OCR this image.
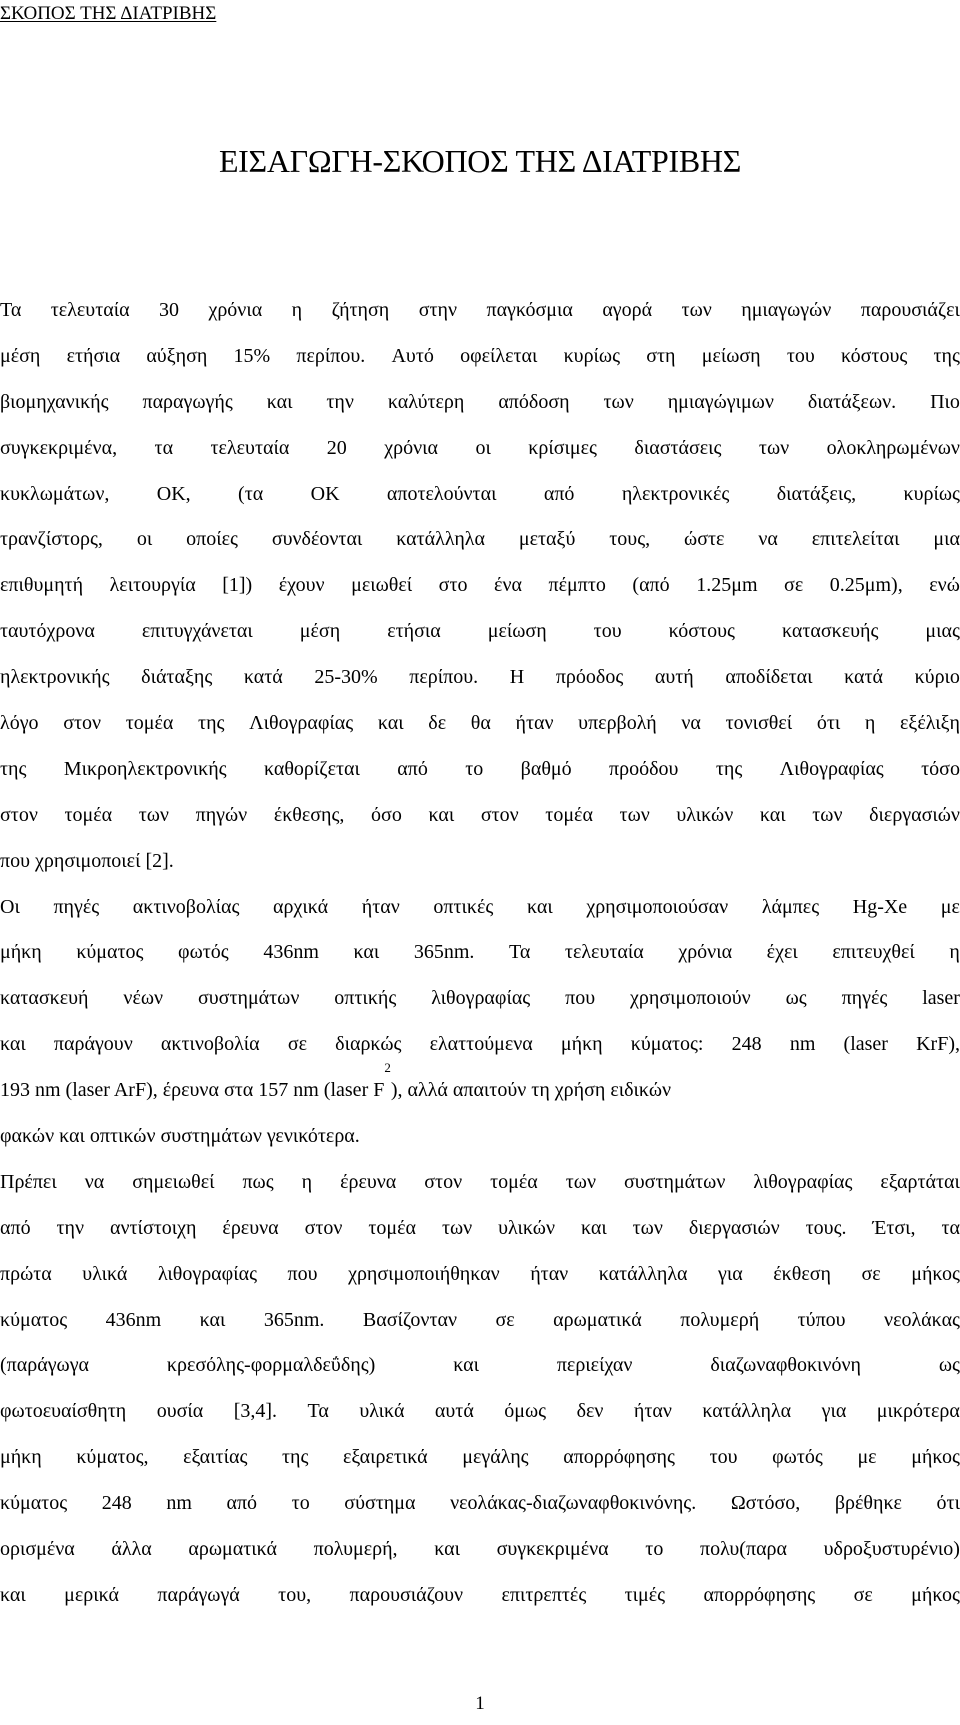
ΣΚΟΠΟΣ ΤΗΣ ΔΙΑΤΡΙΒΗΣ
ΕΙΣΑΓΩΓΗ-ΣΚΟΠΟΣ ΤΗΣ ΔΙΑΤΡΙΒΗΣ
Τα τελευταία 30 χρόνια η ζήτηση στην παγκόσμια αγορά των ημιαγωγών παρουσιάζει
μέση ετήσια αύξηση 15% περίπου. Αυτό οφείλεται κυρίως στη μείωση του κόστους της
βιομηχανικής παραγωγής και την καλύτερη απόδοση των ημιαγώγιμων διατάξεων. Πιο
συγκεκριμένα, τα τελευταία 20 χρόνια οι κρίσιμες διαστάσεις των ολοκληρωμένων
κυκλωμάτων, ΟΚ, (τα ΟΚ αποτελούνται από ηλεκτρονικές διατάξεις, κυρίως
τρανζίστορς, οι οποίες συνδέονται κατάλληλα μεταξύ τους, ώστε να επιτελείται μια
επιθυμητή λειτουργία [1]) έχουν μειωθεί στο ένα πέμπτο (από 1.25μm σε 0.25μm), ενώ
ταυτόχρονα επιτυγχάνεται μέση ετήσια μείωση του κόστους κατασκευής μιας
ηλεκτρονικής διάταξης κατά 25-30% περίπου. Η πρόοδος αυτή αποδίδεται κατά κύριο
λόγο στον τομέα της Λιθογραφίας και δε θα ήταν υπερβολή να τονισθεί ότι η εξέλιξη
της Μικροηλεκτρονικής καθορίζεται από το βαθμό προόδου της Λιθογραφίας τόσο
στον τομέα των πηγών έκθεσης, όσο και στον τομέα των υλικών και των διεργασιών
που χρησιμοποιεί [2].
Οι πηγές ακτινοβολίας αρχικά ήταν οπτικές και χρησιμοποιούσαν λάμπες Hg-Xe με
μήκη κύματος φωτός 436nm και 365nm. Τα τελευταία χρόνια έχει επιτευχθεί η
κατασκευή νέων συστημάτων οπτικής λιθογραφίας που χρησιμοποιούν ως πηγές laser
και παράγουν ακτινοβολία σε διαρκώς ελαττούμενα μήκη κύματος: 248 nm (laser KrF),
193 nm (laser ArF), έρευνα στα 157 nm (laser F
2
), αλλά απαιτούν τη χρήση ειδικών
φακών και οπτικών συστημάτων γενικότερα.
Πρέπει να σημειωθεί πως η έρευνα στον τομέα των συστημάτων λιθογραφίας εξαρτάται
από την αντίστοιχη έρευνα στον τομέα των υλικών και των διεργασιών τους. Έτσι, τα
πρώτα υλικά λιθογραφίας που χρησιμοποιήθηκαν ήταν κατάλληλα για έκθεση σε μήκος
κύματος 436nm και 365nm. Βασίζονταν σε αρωματικά πολυμερή τύπου νεολάκας
(παράγωγα	κρεσόλης-φορμαλδεΰδης)	και	περιείχαν	διαζωναφθοκινόνη	ως
φωτοευαίσθητη ουσία [3,4]. Τα υλικά αυτά όμως δεν ήταν κατάλληλα για μικρότερα
μήκη κύματος, εξαιτίας της εξαιρετικά μεγάλης απορρόφησης του φωτός με μήκος
κύματος 248 nm από το σύστημα νεολάκας-διαζωναφθοκινόνης. Ωστόσο, βρέθηκε ότι
ορισμένα άλλα αρωματικά πολυμερή, και συγκεκριμένα το πολυ(παρα υδροξυστυρένιο)
και μερικά παράγωγά του, παρουσιάζουν επιτρεπτές τιμές απορρόφησης σε μήκος
1
